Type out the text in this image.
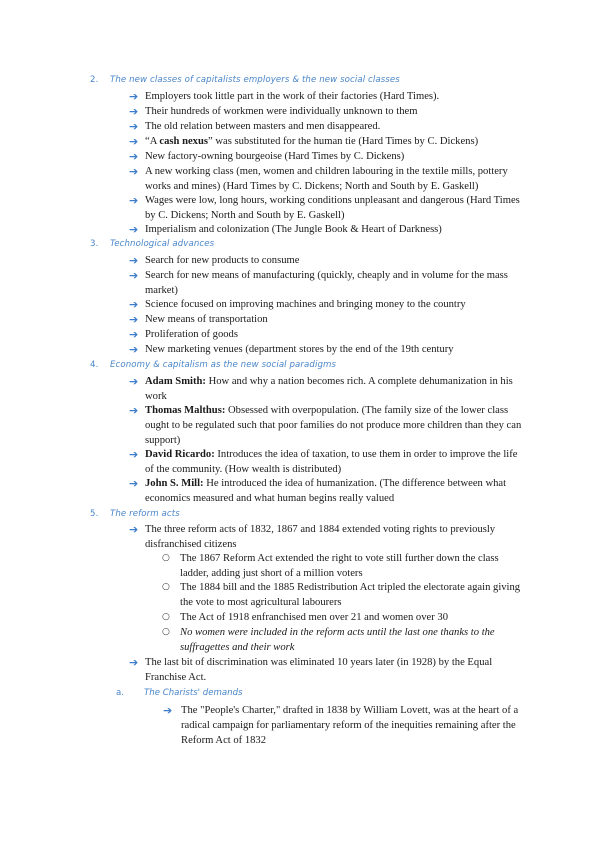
2. The new classes of capitalists employers & the new social classes
➔ Employers took little part in the work of their factories (Hard Times).
➔ Their hundreds of workmen were individually unknown to them
➔ The old relation between masters and men disappeared.
➔ “A cash nexus” was substituted for the human tie (Hard Times by C. Dickens)
➔ New factory-owning bourgeoise (Hard Times by C. Dickens)
➔ A new working class (men, women and children labouring in the textile mills, pottery works and mines) (Hard Times by C. Dickens; North and South by E. Gaskell)
➔ Wages were low, long hours, working conditions unpleasant and dangerous (Hard Times by C. Dickens; North and South by E. Gaskell)
➔ Imperialism and colonization (The Jungle Book & Heart of Darkness)
3. Technological advances
➔ Search for new products to consume
➔ Search for new means of manufacturing (quickly, cheaply and in volume for the mass market)
➔ Science focused on improving machines and bringing money to the country
➔ New means of transportation
➔ Proliferation of goods
➔ New marketing venues (department stores by the end of the 19th century
4. Economy & capitalism as the new social paradigms
➔ Adam Smith: How and why a nation becomes rich. A complete dehumanization in his work
➔ Thomas Malthus: Obsessed with overpopulation. (The family size of the lower class ought to be regulated such that poor families do not produce more children than they can support)
➔ David Ricardo: Introduces the idea of taxation, to use them in order to improve the life of the community. (How wealth is distributed)
➔ John S. Mill: He introduced the idea of humanization. (The difference between what economics measured and what human begins really valued
5. The reform acts
➔ The three reform acts of 1832, 1867 and 1884 extended voting rights to previously disfranchised citizens
○ The 1867 Reform Act extended the right to vote still further down the class ladder, adding just short of a million voters
○ The 1884 bill and the 1885 Redistribution Act tripled the electorate again giving the vote to most agricultural labourers
○ The Act of 1918 enfranchised men over 21 and women over 30
○ No women were included in the reform acts until the last one thanks to the suffragettes and their work
➔ The last bit of discrimination was eliminated 10 years later (in 1928) by the Equal Franchise Act.
a. The Charists' demands
➔ The "People's Charter," drafted in 1838 by William Lovett, was at the heart of a radical campaign for parliamentary reform of the inequities remaining after the Reform Act of 1832
